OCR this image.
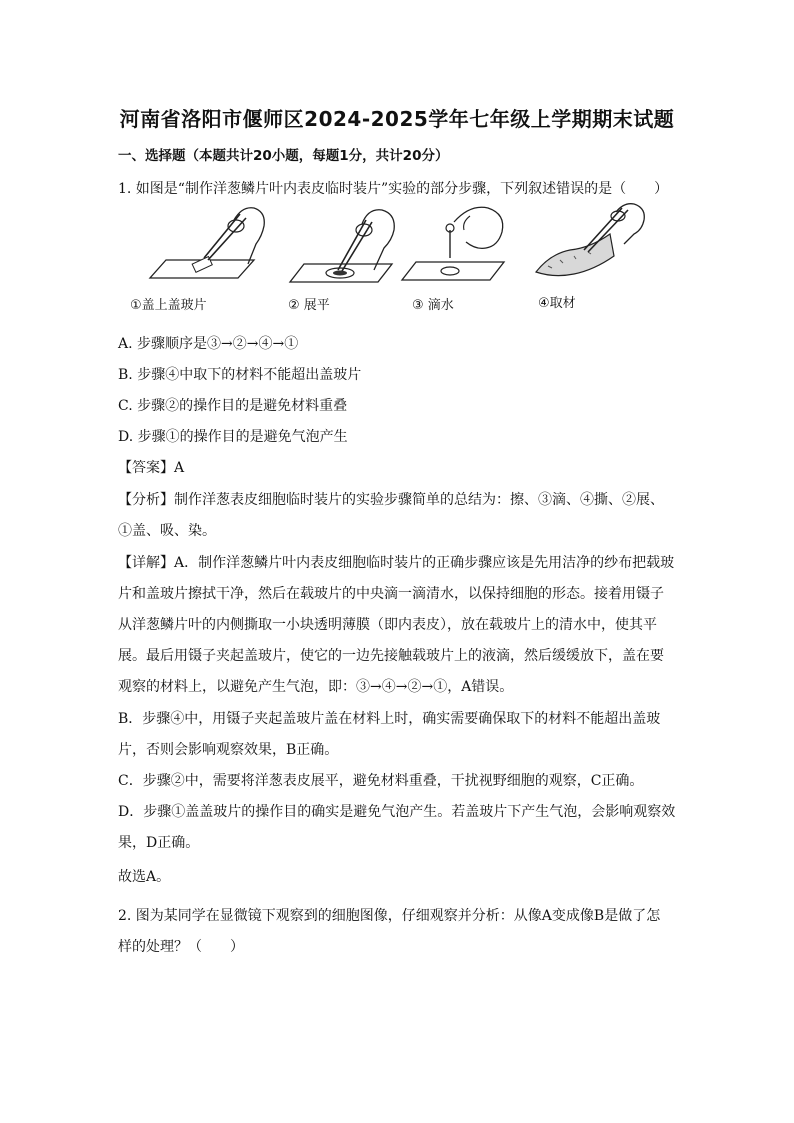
河南省洛阳市偃师区2024-2025学年七年级上学期期末试题
一、选择题（本题共计20小题，每题1分，共计20分）
1. 如图是“制作洋葱鳞片叶内表皮临时装片”实验的部分步骤，下列叙述错误的是（　　）
①盖上盖玻片	② 展平	③ 滴水	④取材
A. 步骤顺序是③→②→④→①
B. 步骤④中取下的材料不能超出盖玻片
C. 步骤②的操作目的是避免材料重叠
D. 步骤①的操作目的是避免气泡产生
【答案】A
【分析】制作洋葱表皮细胞临时装片的实验步骤简单的总结为：擦、③滴、④撕、②展、
①盖、吸、染。
【详解】A．制作洋葱鳞片叶内表皮细胞临时装片的正确步骤应该是先用洁净的纱布把载玻
片和盖玻片擦拭干净，然后在载玻片的中央滴一滴清水，以保持细胞的形态。接着用镊子
从洋葱鳞片叶的内侧撕取一小块透明薄膜（即内表皮），放在载玻片上的清水中，使其平
展。最后用镊子夹起盖玻片，使它的一边先接触载玻片上的液滴，然后缓缓放下，盖在要
观察的材料上，以避免产生气泡，即：③→④→②→①，A错误。
B．步骤④中，用镊子夹起盖玻片盖在材料上时，确实需要确保取下的材料不能超出盖玻
片，否则会影响观察效果，B正确。
C．步骤②中，需要将洋葱表皮展平，避免材料重叠，干扰视野细胞的观察，C正确。
D．步骤①盖盖玻片的操作目的确实是避免气泡产生。若盖玻片下产生气泡，会影响观察效
果，D正确。
故选A。
2. 图为某同学在显微镜下观察到的细胞图像，仔细观察并分析：从像A变成像B是做了怎
样的处理？（　　）
